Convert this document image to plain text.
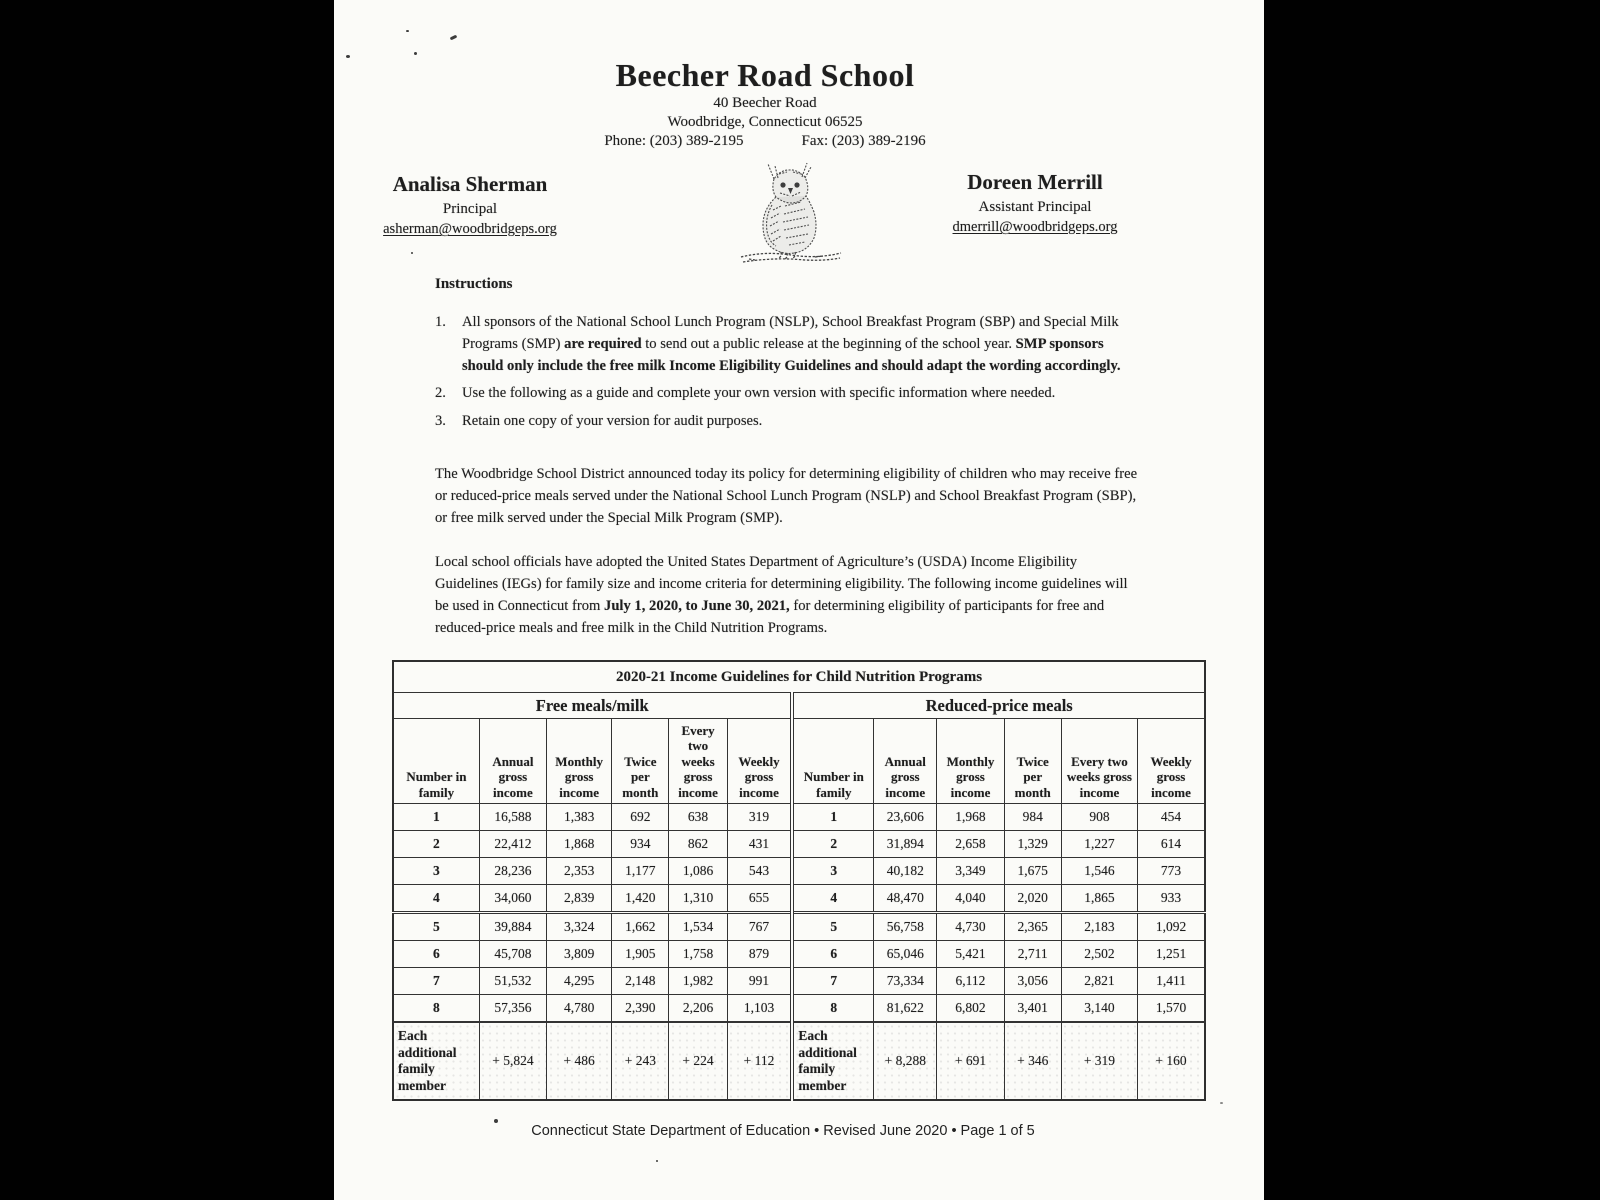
Beecher Road School
40 Beecher Road
Woodbridge, Connecticut 06525
Phone: (203) 389-2195	Fax: (203) 389-2196
Analisa Sherman
Principal
asherman@woodbridgeps.org
Doreen Merrill
Assistant Principal
dmerrill@woodbridgeps.org
Instructions
1.	All sponsors of the National School Lunch Program (NSLP), School Breakfast Program (SBP) and Special Milk Programs (SMP) are required to send out a public release at the beginning of the school year. SMP sponsors should only include the free milk Income Eligibility Guidelines and should adapt the wording accordingly.
2.	Use the following as a guide and complete your own version with specific information where needed.
3.	Retain one copy of your version for audit purposes.
The Woodbridge School District announced today its policy for determining eligibility of children who may receive free or reduced-price meals served under the National School Lunch Program (NSLP) and School Breakfast Program (SBP), or free milk served under the Special Milk Program (SMP).
Local school officials have adopted the United States Department of Agriculture’s (USDA) Income Eligibility Guidelines (IEGs) for family size and income criteria for determining eligibility. The following income guidelines will be used in Connecticut from July 1, 2020, to June 30, 2021, for determining eligibility of participants for free and reduced-price meals and free milk in the Child Nutrition Programs.
2020-21 Income Guidelines for Child Nutrition Programs											
Free meals/milk						Reduced-price meals					
Number in family	Annual gross income	Monthly gross income	Twice per month	Every two weeks gross income	Weekly gross income	Number in family	Annual gross income	Monthly gross income	Twice per month	Every two weeks gross income	Weekly gross income
1	16,588	1,383	692	638	319	1	23,606	1,968	984	908	454
2	22,412	1,868	934	862	431	2	31,894	2,658	1,329	1,227	614
3	28,236	2,353	1,177	1,086	543	3	40,182	3,349	1,675	1,546	773
4	34,060	2,839	1,420	1,310	655	4	48,470	4,040	2,020	1,865	933
5	39,884	3,324	1,662	1,534	767	5	56,758	4,730	2,365	2,183	1,092
6	45,708	3,809	1,905	1,758	879	6	65,046	5,421	2,711	2,502	1,251
7	51,532	4,295	2,148	1,982	991	7	73,334	6,112	3,056	2,821	1,411
8	57,356	4,780	2,390	2,206	1,103	8	81,622	6,802	3,401	3,140	1,570
Each additional family member	+ 5,824	+ 486	+ 243	+ 224	+ 112	Each additional family member	+ 8,288	+ 691	+ 346	+ 319	+ 160
Connecticut State Department of Education • Revised June 2020 • Page 1 of 5
